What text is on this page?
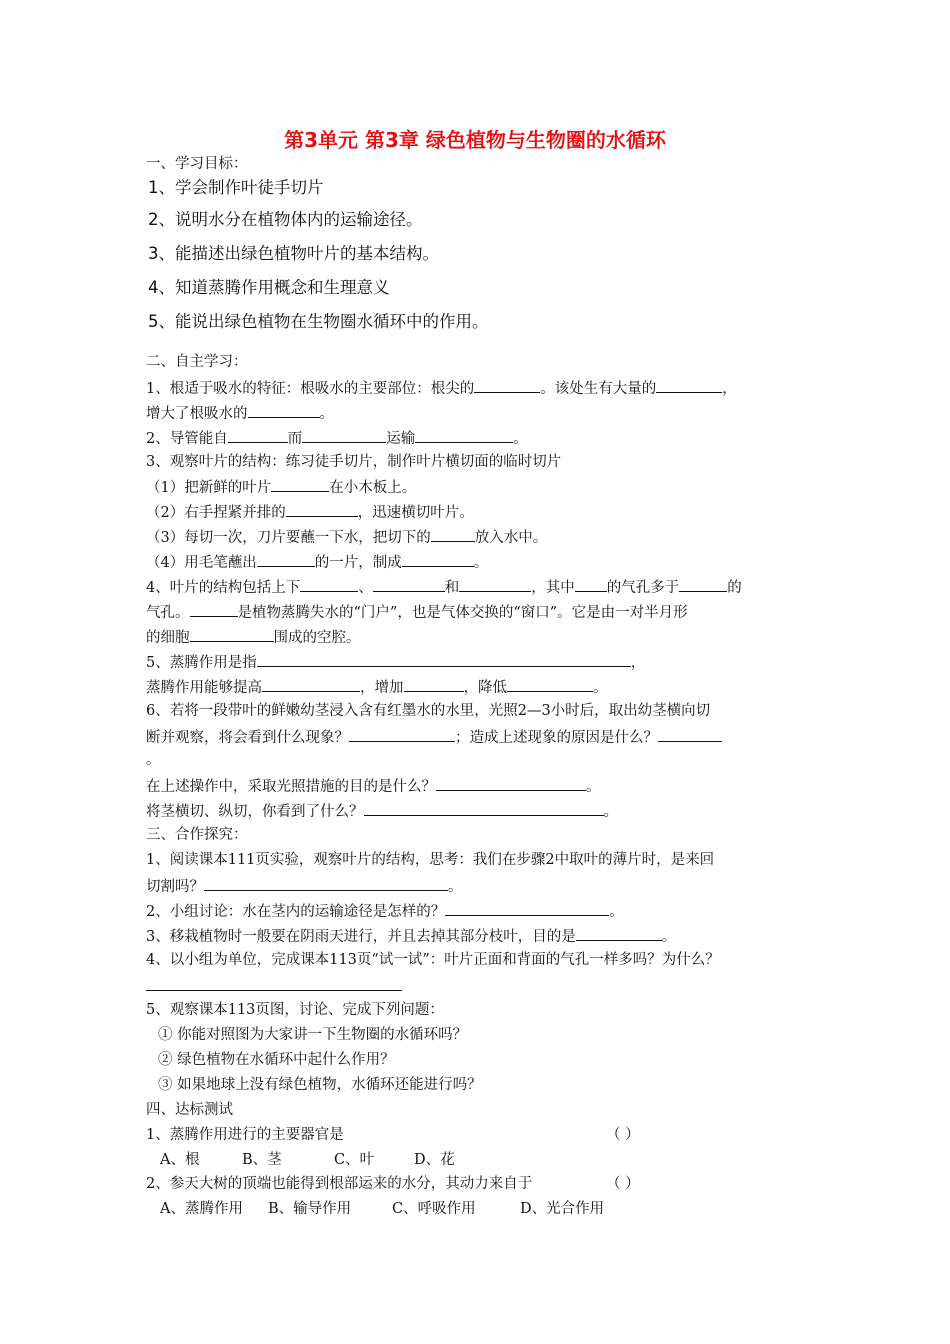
第3单元 第3章 绿色植物与生物圈的水循环
一、学习目标：
1、学会制作叶徒手切片
2、说明水分在植物体内的运输途径。
3、能描述出绿色植物叶片的基本结构。
4、知道蒸腾作用概念和生理意义
5、能说出绿色植物在生物圈水循环中的作用。
二、自主学习：
1、根适于吸水的特征：根吸水的主要部位：根尖的	。该处生有大量的	，
增大了根吸水的	。
2、导管能自	而	运输	。
3、观察叶片的结构：练习徒手切片，制作叶片横切面的临时切片
（1）把新鲜的叶片	在小木板上。
（2）右手捏紧并排的	，迅速横切叶片。
（3）每切一次，刀片要蘸一下水，把切下的	放入水中。
（4）用毛笔蘸出	的一片，制成	。
4、叶片的结构包括上下	、	和	，其中 的气孔多于	的
气孔。	是植物蒸腾失水的“门户”，也是气体交换的“窗口”。它是由一对半月形
的细胞	围成的空腔。
5、蒸腾作用是指	，
蒸腾作用能够提高	，增加	，降低	。
6、若将一段带叶的鲜嫩幼茎浸入含有红墨水的水里，光照2—3小时后，取出幼茎横向切
断并观察，将会看到什么现象？	；造成上述现象的原因是什么？
。
在上述操作中，采取光照措施的目的是什么？	。
将茎横切、纵切，你看到了什么？	。
三、合作探究：
1、阅读课本111页实验，观察叶片的结构，思考：我们在步骤2中取叶的薄片时，是来回
切割吗？	。
2、小组讨论：水在茎内的运输途径是怎样的？	。
3、移栽植物时一般要在阴雨天进行，并且去掉其部分枝叶，目的是	。
4、以小组为单位，完成课本113页“试一试”：叶片正面和背面的气孔一样多吗？为什么？
5、观察课本113页图，讨论、完成下列问题：
① 你能对照图为大家讲一下生物圈的水循环吗？
② 绿色植物在水循环中起什么作用？
③ 如果地球上没有绿色植物，水循环还能进行吗？
四、达标测试
1、蒸腾作用进行的主要器官是	（ ）
A、根	B、茎	C、叶	D、花
2、参天大树的顶端也能得到根部运来的水分，其动力来自于	（ ）
A、蒸腾作用 B、输导作用	C、呼吸作用	D、光合作用
